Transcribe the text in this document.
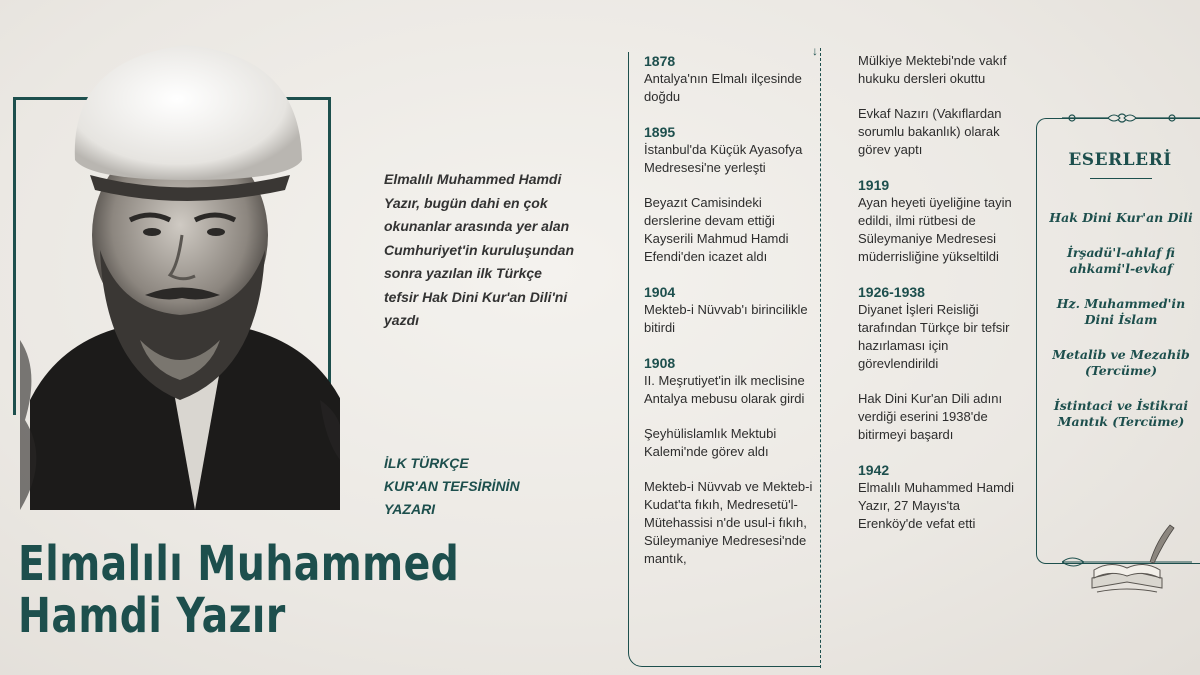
Elmalılı Muhammed
Hamdi Yazır

Elmalılı Muhammed Hamdi Yazır, bugün dahi en çok okunanlar arasında yer alan Cumhuriyet'in kuruluşundan sonra yazılan ilk Türkçe tefsir Hak Dini Kur'an Dili'ni yazdı

İLK TÜRKÇE
KUR'AN TEFSİRİNİN
YAZARI

↓
1878
Antalya'nın Elmalı ilçesinde doğdu
1895
İstanbul'da Küçük Ayasofya Medresesi'ne yerleşti
Beyazıt Camisindeki derslerine devam ettiği Kayserili Mahmud Hamdi Efendi'den icazet aldı
1904
Mekteb-i Nüvvab'ı birincilikle bitirdi
1908
II. Meşrutiyet'in ilk meclisine Antalya mebusu olarak girdi
Şeyhülislamlık Mektubi Kalemi'nde görev aldı
Mekteb-i Nüvvab ve Mekteb-i Kudat'ta fıkıh, Medresetü'l-Mütehassisi n'de usul-i fıkıh, Süleymaniye Medresesi'nde mantık,
Mülkiye Mektebi'nde vakıf hukuku dersleri okuttu
Evkaf Nazırı (Vakıflardan sorumlu bakanlık) olarak görev yaptı
1919
Ayan heyeti üyeliğine tayin edildi, ilmi rütbesi de Süleymaniye Medresesi müderrisliğine yükseltildi
1926-1938
Diyanet İşleri Reisliği tarafından Türkçe bir tefsir hazırlaması için görevlendirildi
Hak Dini Kur'an Dili adını verdiği eserini 1938'de bitirmeyi başardı
1942
Elmalılı Muhammed Hamdi Yazır, 27 Mayıs'ta Erenköy'de vefat etti
ESERLERİ
Hak Dini Kur'an Dili
İrşadü'l-ahlaf fi ahkami'l-evkaf
Hz. Muhammed'in Dini İslam
Metalib ve Mezahib (Tercüme)
İstintaci ve İstikrai Mantık (Tercüme)
